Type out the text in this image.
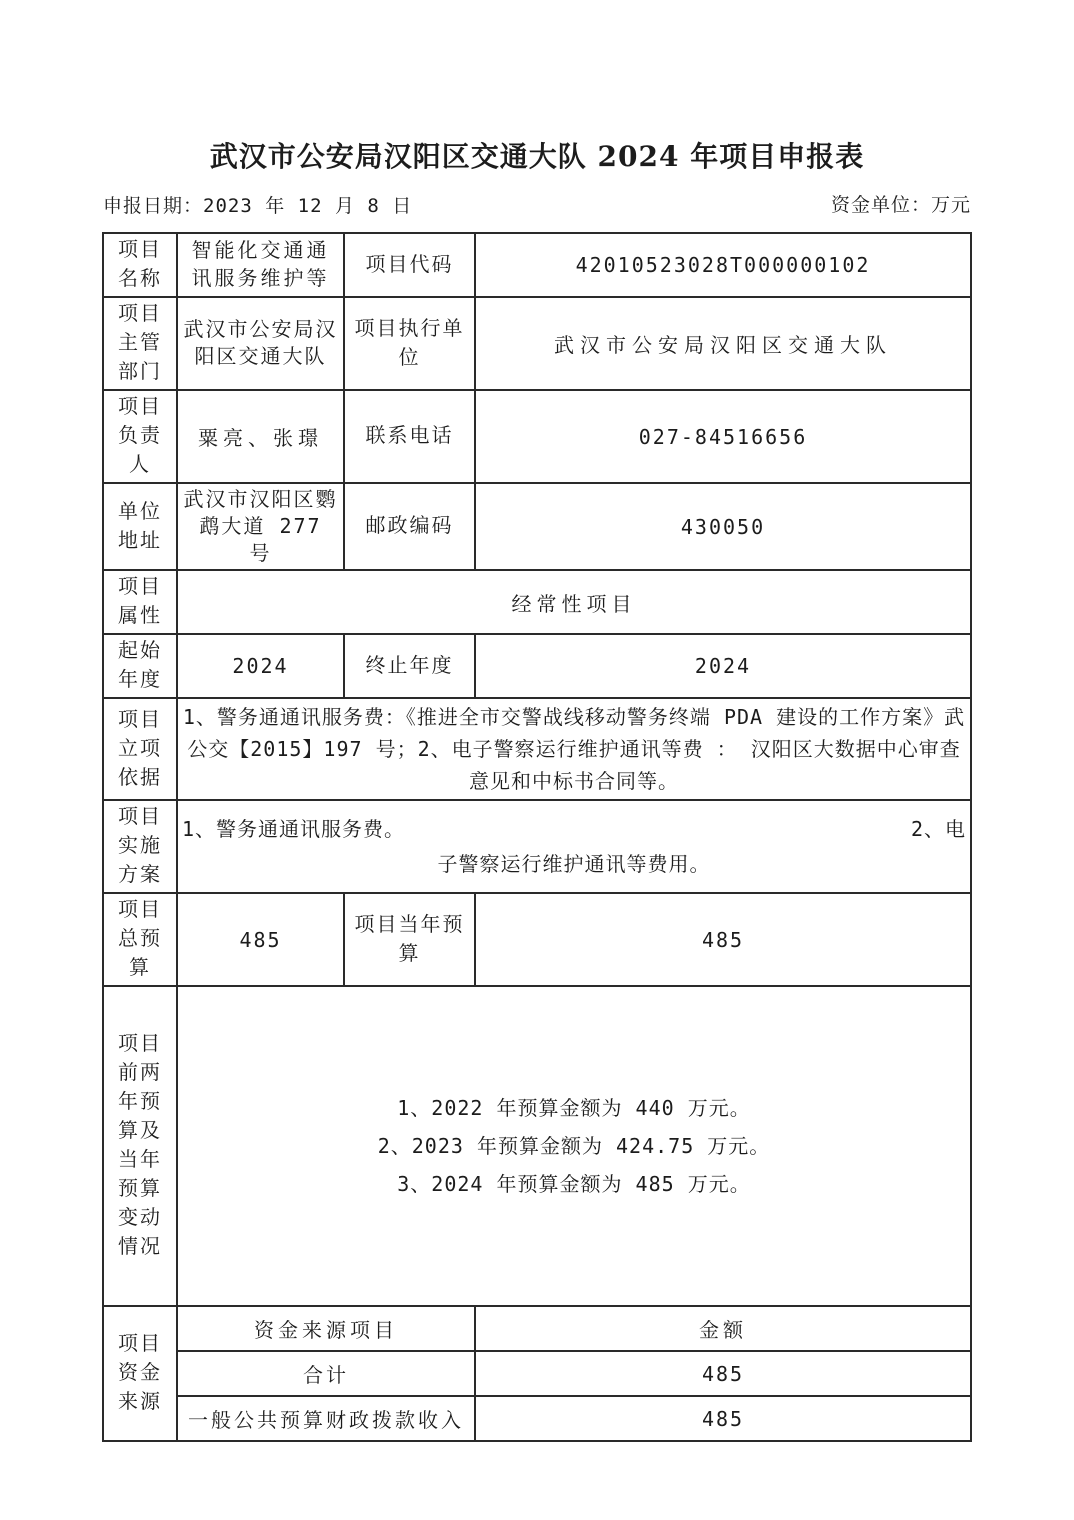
武汉市公安局汉阳区交通大队 2024 年项目申报表
申报日期：2023 年 12 月 8 日	资金单位：万元
项目名称	智能化交通通讯服务维护等	项目代码	42010523028T000000102
项目主管部门	武汉市公安局汉阳区交通大队	项目执行单位	武汉市公安局汉阳区交通大队
项目负责人	粟亮、张璟	联系电话	027-84516656
单位地址	武汉市汉阳区鹦鹉大道 277 号	邮政编码	430050
项目属性	经常性项目		
起始年度	2024	终止年度	2024
项目立项依据	1、警务通通讯服务费：《推进全市交警战线移动警务终端 PDA 建设的工作方案》武公交【2015】197 号；2、电子警察运行维护通讯等费 ： 汉阳区大数据中心审查意见和中标书合同等。		
项目实施方案	1、警务通通讯服务费。 2、电
子警察运行维护通讯等费用。		

项目总预算	485	项目当年预算	485
项目前两年预算及当年预算变动情况	1、2022 年预算金额为 440 万元。
2、2023 年预算金额为 424.75 万元。
3、2024 年预算金额为 485 万元。		

项目资金来源	资金来源项目		金额
	合计		485
	一般公共预算财政拨款收入		485
